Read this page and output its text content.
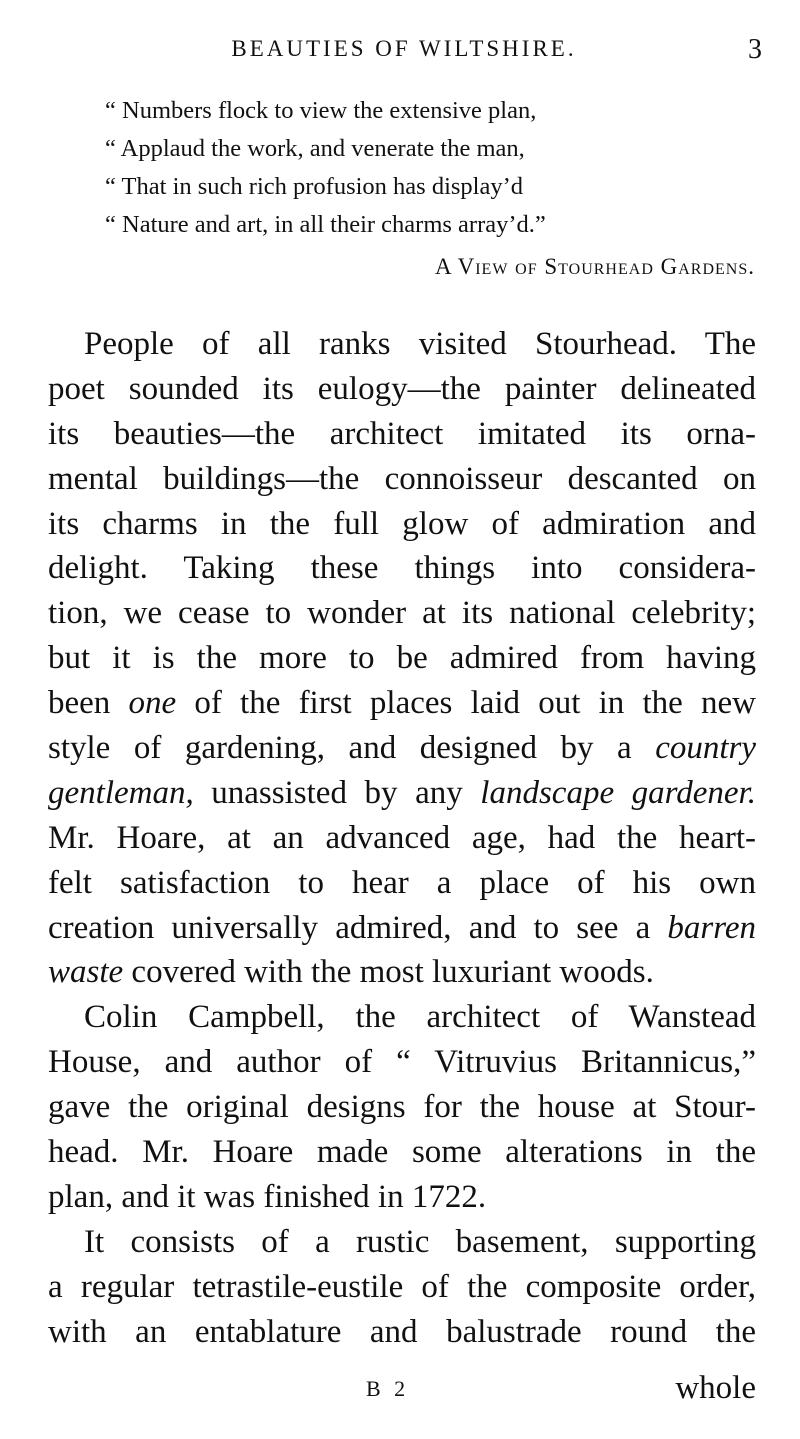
BEAUTIES OF WILTSHIRE.	3
“ Numbers flock to view the extensive plan,
“ Applaud the work, and venerate the man,
“ That in such rich profusion has display’d
“ Nature and art, in all their charms array’d.”
A View of Stourhead Gardens.
People of all ranks visited Stourhead. The
poet sounded its eulogy—the painter delineated
its beauties—the architect imitated its orna-
mental buildings—the connoisseur descanted on
its charms in the full glow of admiration and
delight. Taking these things into considera-
tion, we cease to wonder at its national celebrity;
but it is the more to be admired from having
been one of the first places laid out in the new
style of gardening, and designed by a country
gentleman, unassisted by any landscape gardener.
Mr. Hoare, at an advanced age, had the heart-
felt satisfaction to hear a place of his own
creation universally admired, and to see a barren
waste covered with the most luxuriant woods.
Colin Campbell, the architect of Wanstead
House, and author of “ Vitruvius Britannicus,”
gave the original designs for the house at Stour-
head. Mr. Hoare made some alterations in the
plan, and it was finished in 1722.
It consists of a rustic basement, supporting
a regular tetrastile-eustile of the composite order,
with an entablature and balustrade round the
B 2	whole
